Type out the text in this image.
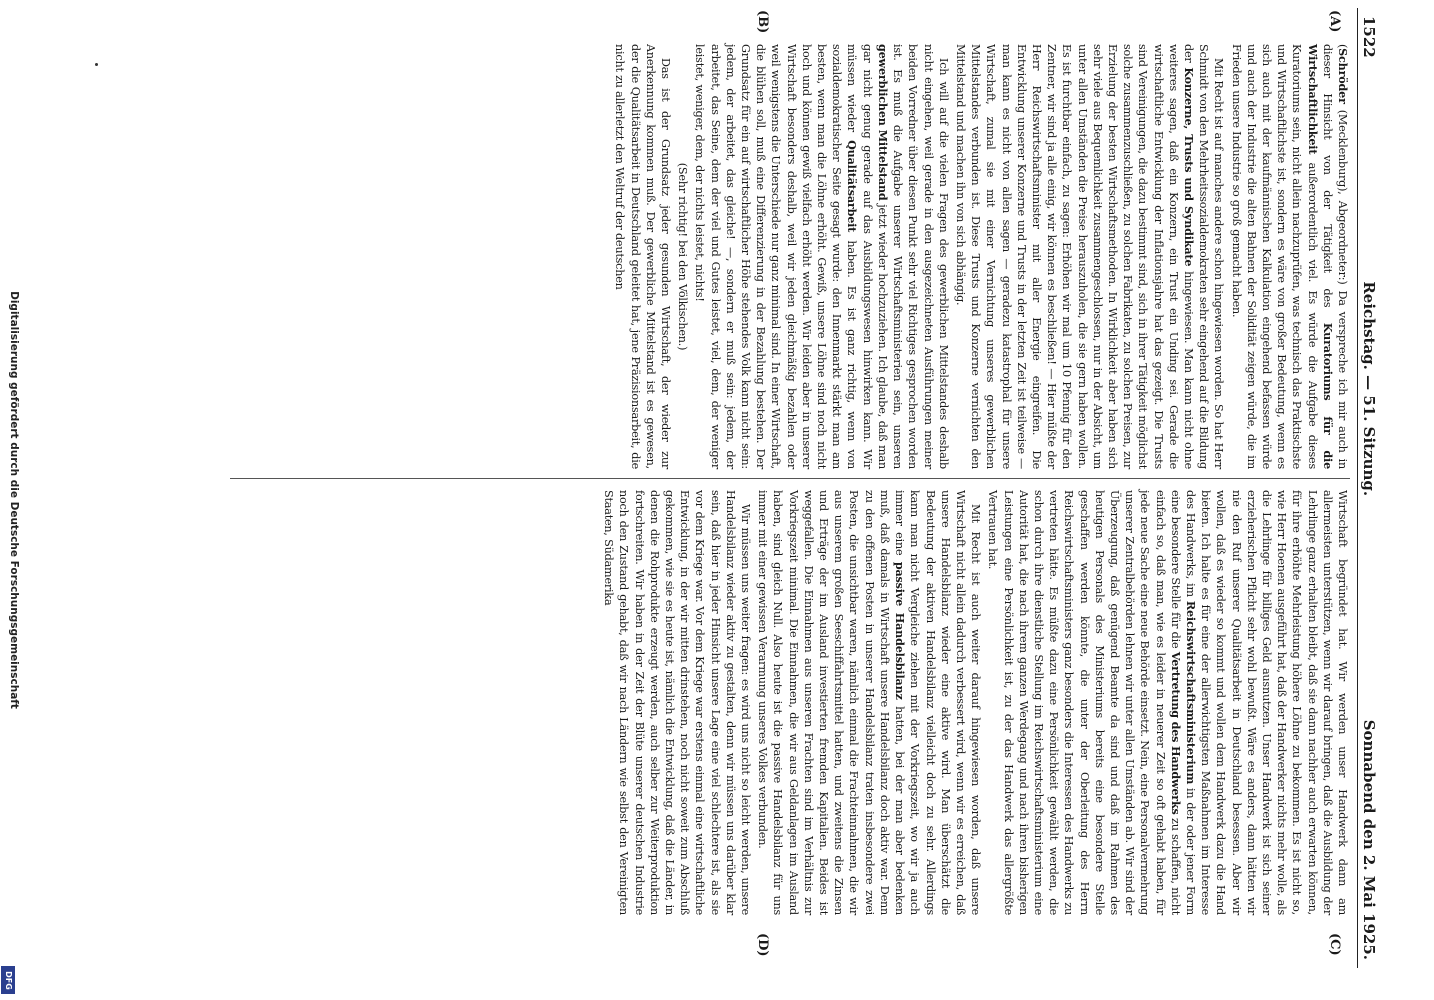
Digitalisierung gefördert durch die Deutsche Forschungsgemeinschaft
DFG
1522
Reichstag. — 51. Sitzung.
Sonnabend den 2. Mai 1925.
(A)
(B)
(C)
(D)

(Schröder (Mecklenburg), Abgeordneter:) Da verspreche ich mir auch in dieser Hinsicht von der Tätigkeit des Kuratoriums für die Wirtschaftlichkeit außerordentlich viel. Es würde die Aufgabe dieses Kuratoriums sein, nicht allein nachzuprüfen, was technisch das Praktischste und Wirtschaftlichste ist, sondern es wäre von großer Bedeutung, wenn es sich auch mit der kaufmännischen Kalkulation eingehend befassen würde und auch der Industrie die alten Bahnen der Solidität zeigen würde, die im Frieden unsere Industrie so groß gemacht haben.

Mit Recht ist auf manches andere schon hingewiesen worden. So hat Herr Schmidt von den Mehrheitssozialdemokraten sehr eingehend auf die Bildung der Konzerne, Trusts und Syndikate hingewiesen. Man kann nicht ohne weiteres sagen, daß ein Konzern, ein Trust ein Unding sei. Gerade die wirtschaftliche Entwicklung der Inflationsjahre hat das gezeigt. Die Trusts sind Vereinigungen, die dazu bestimmt sind, sich in ihrer Tätigkeit möglichst solche zusammenzuschließen, zu solchen Fabrikaten, zu solchen Preisen, zur Erzielung der besten Wirtschaftsmethoden. In Wirklichkeit aber haben sich sehr viele aus Bequemlichkeit zusammengeschlossen, nur in der Absicht, um unter allen Umständen die Preise herauszuholen, die sie gern haben wollen. Es ist furchtbar einfach, zu sagen: Erhöhen wir mal um 10 Pfennig für den Zentner, wir sind ja alle einig, wir können es beschließen! — Hier müßte der Herr Reichswirtschaftsminister mit aller Energie eingreifen. Die Entwicklung unserer Konzerne und Trusts in der letzten Zeit ist teilweise — man kann es nicht von allen sagen — geradezu katastrophal für unsere Wirtschaft, zumal sie mit einer Vernichtung unseres gewerblichen Mittelstandes verbunden ist. Diese Trusts und Konzerne vernichten den Mittelstand und machen ihn von sich abhängig.

Ich will auf die vielen Fragen des gewerblichen Mittelstandes deshalb nicht eingehen, weil gerade in den ausgezeichneten Ausführungen meiner beiden Vorredner über diesen Punkt sehr viel Richtiges gesprochen worden ist. Es muß die Aufgabe unserer Wirtschaftsministerien sein, unseren gewerblichen Mittelstand jetzt wieder hochzuziehen. Ich glaube, daß man gar nicht genug gerade auf das Ausbildungswesen hinwirken kann. Wir müssen wieder Qualitätsarbeit haben. Es ist ganz richtig, wenn von sozialdemokratischer Seite gesagt wurde: den Innenmarkt stärkt man am besten, wenn man die Löhne erhöht. Gewiß, unsere Löhne sind noch nicht hoch und können gewiß vielfach erhöht werden. Wir leiden aber in unserer Wirtschaft besonders deshalb, weil wir jeden gleichmäßig bezahlen oder weil wenigstens die Unterschiede nur ganz minimal sind. In einer Wirtschaft, die blühen soll, muß eine Differenzierung in der Bezahlung bestehen. Der Grundsatz für ein auf wirtschaftlicher Höhe stehendes Volk kann nicht sein: jedem, der arbeitet, das gleiche! —, sondern er muß sein: jedem, der arbeitet, das Seine, dem der viel und Gutes leistet, viel, dem, der weniger leistet, weniger, dem, der nichts leistet, nichts!

(Sehr richtig! bei den Völkischen.)

Das ist der Grundsatz jeder gesunden Wirtschaft, der wieder zur Anerkennung kommen muß. Der gewerbliche Mittelstand ist es gewesen, der die Qualitätsarbeit in Deutschland geleitet hat, jene Präzisionsarbeit, die nicht zu allerletzt den Weltruf der deutschen

Wirtschaft begründet hat. Wir werden unser Handwerk dann am allermeisten unterstützen, wenn wir darauf bringen, daß die Ausbildung der Lehrlinge ganz erhalten bleibt, daß sie dann nachher auch erwarten können, für ihre erhöhte Mehrleistung höhere Löhne zu bekommen. Es ist nicht so, wie Herr Hoenen ausgeführt hat, daß der Handwerker nichts mehr wolle, als die Lehrlinge für billiges Geld ausnutzen. Unser Handwerk ist sich seiner erzieherischen Pflicht sehr wohl bewußt. Wäre es anders, dann hätten wir nie den Ruf unserer Qualitätsarbeit in Deutschland besessen. Aber wir wollen, daß es wieder so kommt und wollen dem Handwerk dazu die Hand bieten. Ich halte es für eine der allerwichtigsten Maßnahmen im Interesse des Handwerks, im Reichswirtschaftsministerium in der oder jener Form eine besondere Stelle für die Vertretung des Handwerks zu schaffen, nicht einfach so, daß man, wie es leider in neuerer Zeit so oft gehabt haben, für jede neue Sache eine neue Behörde einsetzt. Nein, eine Personalvermehrung unserer Zentralbehörden lehnen wir unter allen Umständen ab. Wir sind der Überzeugung, daß genügend Beamte da sind und daß im Rahmen des heutigen Personals des Ministeriums bereits eine besondere Stelle geschaffen werden könnte, die unter der Oberleitung des Herrn Reichswirtschaftsministers ganz besonders die Interessen des Handwerks zu vertreten hätte. Es müßte dazu eine Persönlichkeit gewählt werden, die schon durch ihre dienstliche Stellung im Reichswirtschaftsministerium eine Autorität hat, die nach ihrem ganzen Werdegang und nach ihren bisherigen Leistungen eine Persönlichkeit ist, zu der das Handwerk das allergrößte Vertrauen hat.

Mit Recht ist auch weiter darauf hingewiesen worden, daß unsere Wirtschaft nicht allein dadurch verbessert wird, wenn wir es erreichen, daß unsere Handelsbilanz wieder eine aktive wird. Man überschätzt die Bedeutung der aktiven Handelsbilanz vielleicht doch zu sehr. Allerdings kann man nicht Vergleiche ziehen mit der Vorkriegszeit, wo wir ja auch immer eine passive Handelsbilanz hatten, bei der man aber bedenken muß, daß damals in Wirtschaft unsere Handelsbilanz doch aktiv war. Denn zu den offenen Posten in unserer Handelsbilanz traten insbesondere zwei Posten, die unsichtbar waren, nämlich einmal die Frachteinnahmen, die wir aus unserem großen Seeschiffahrtsmittel hatten, und zweitens die Zinsen und Erträge der im Ausland investierten fremden Kapitalien. Beides ist weggefallen. Die Einnahmen aus unseren Frachten sind im Verhältnis zur Vorkriegszeit minimal. Die Einnahmen, die wir aus Geldanlagen im Ausland haben, sind gleich Null. Also heute ist die passive Handelsbilanz für uns immer mit einer gewissen Verarmung unseres Volkes verbunden.

Wir müssen uns weiter fragen: es wird uns nicht so leicht werden, unsere Handelsbilanz wieder aktiv zu gestalten, denn wir müssen uns darüber klar sein, daß hier in jeder Hinsicht unsere Lage eine viel schlechtere ist, als sie vor dem Kriege war. Vor dem Kriege war erstens einmal eine wirtschaftliche Entwicklung, in der wir mitten drinstehen, noch nicht soweit zum Abschluß gekommen, wie sie es heute ist, nämlich die Entwicklung, daß die Länder, in denen die Rohprodukte erzeugt werden, auch selber zur Weiterproduktion fortschreiten. Wir haben in der Zeit der Blüte unserer deutschen Industrie noch den Zustand gehabt, daß wir nach Ländern wie selbst den Vereinigten Staaten, Südamerika
